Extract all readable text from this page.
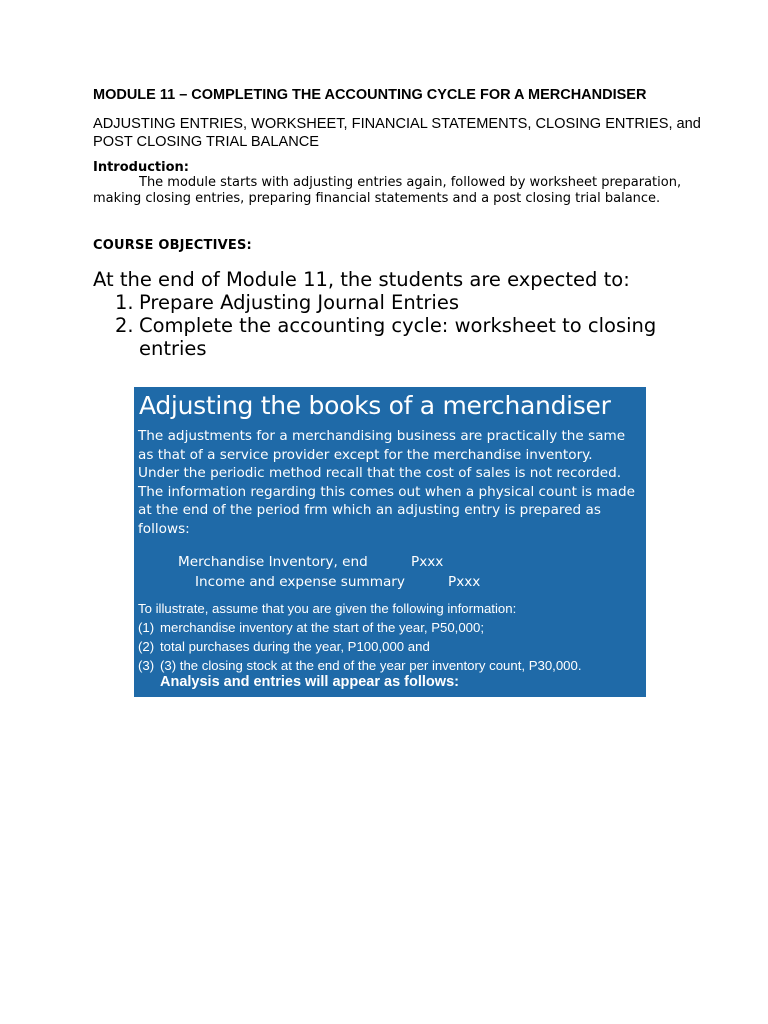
MODULE 11 – COMPLETING THE ACCOUNTING CYCLE FOR A MERCHANDISER
ADJUSTING ENTRIES, WORKSHEET, FINANCIAL STATEMENTS, CLOSING ENTRIES, and POST CLOSING TRIAL BALANCE
Introduction:
The module starts with adjusting entries again, followed by worksheet preparation, making closing entries, preparing financial statements and a post closing trial balance.
COURSE OBJECTIVES:
At the end of Module 11, the students are expected to:
1. Prepare Adjusting Journal Entries
2. Complete the accounting cycle: worksheet to closing entries
Adjusting the books of a merchandiser
The adjustments for a merchandising business are practically the same as that of a service provider except for the merchandise inventory. Under the periodic method recall that the cost of sales is not recorded. The information regarding this comes out when a physical count is made at the end of the period frm which an adjusting entry is prepared as follows:
Merchandise Inventory, end	Pxxx
Income and expense summary	Pxxx
To illustrate, assume that you are given the following information:
(1) merchandise inventory at the start of the year, P50,000;
(2) total purchases during the year, P100,000 and
(3) (3) the closing stock at the end of the year per inventory count, P30,000.
Analysis and entries will appear as follows:
